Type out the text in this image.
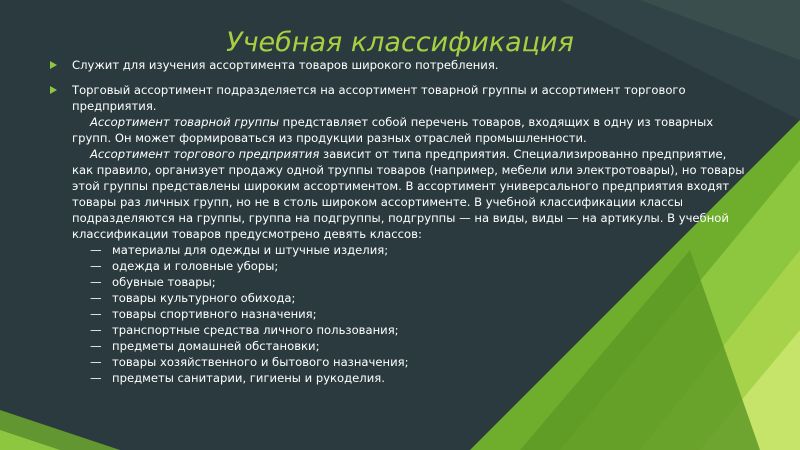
Учебная классификация

Служит для изучения ассортимента товаров широкого потребления.

Торговый ассортимент подразделяется на ассортимент товарной группы и ассортимент торгового предприятия.

Ассортимент товарной группы представляет собой перечень товаров, входящих в одну из товарных групп. Он может формироваться из продукции разных отраслей промышленности.

Ассортимент торгового предприятия зависит от типа предприятия. Специализированно предприятие, как правило, организует продажу одной труппы товаров (например, мебели или электротовары), но товары этой группы представлены широким ассортиментом. В ассортимент универсального предприятия входят товары раз личных групп, но не в столь широком ассортименте. В учебной классификации классы подразделяются на группы, группа на подгруппы, подгруппы — на виды, виды — на артикулы. В учебной классификации товаров предусмотрено девять классов:

— материалы для одежды и штучные изделия;
— одежда и головные уборы;
— обувные товары;
— товары культурного обихода;
— товары спортивного назначения;
— транспортные средства личного пользования;
— предметы домашней обстановки;
— товары хозяйственного и бытового назначения;
— предметы санитарии, гигиены и рукоделия.
